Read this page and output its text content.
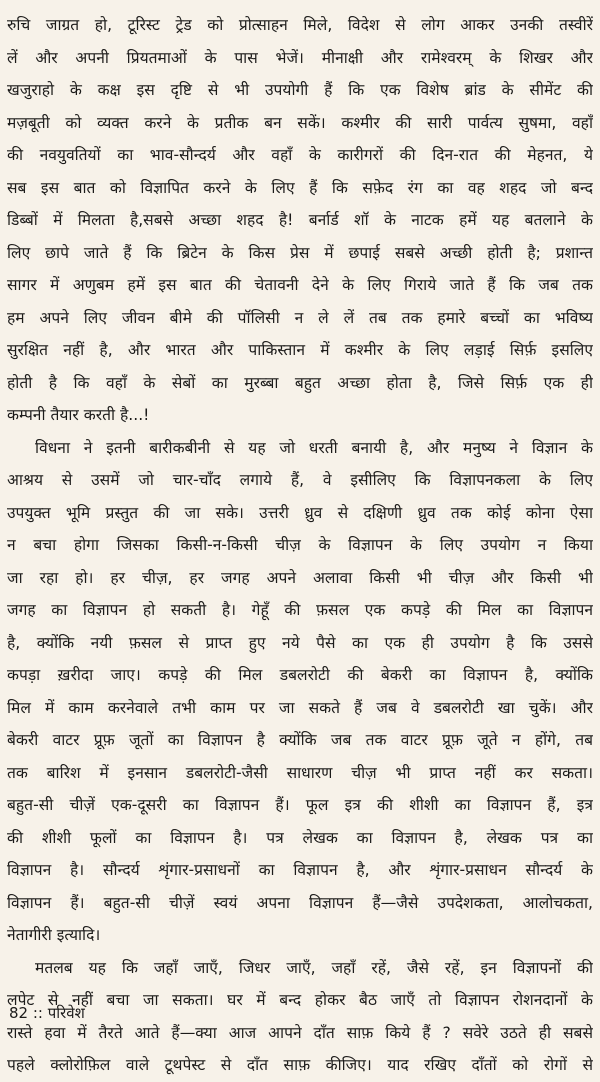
रुचि जाग्रत हो, टूरिस्ट ट्रेड को प्रोत्साहन मिले, विदेश से लोग आकर उनकी तस्वीरें
लें और अपनी प्रियतमाओं के पास भेजें। मीनाक्षी और रामेश्वरम् के शिखर और
खजुराहो के कक्ष इस दृष्टि से भी उपयोगी हैं कि एक विशेष ब्रांड के सीमेंट की
मज़बूती को व्यक्त करने के प्रतीक बन सकें। कश्मीर की सारी पार्वत्य सुषमा, वहाँ
की नवयुवतियों का भाव-सौन्दर्य और वहाँ के कारीगरों की दिन-रात की मेहनत, ये
सब इस बात को विज्ञापित करने के लिए हैं कि सफ़ेद रंग का वह शहद जो बन्द
डिब्बों में मिलता है,सबसे अच्छा शहद है! बर्नार्ड शॉ के नाटक हमें यह बतलाने के
लिए छापे जाते हैं कि ब्रिटेन के किस प्रेस में छपाई सबसे अच्छी होती है; प्रशान्त
सागर में अणुबम हमें इस बात की चेतावनी देने के लिए गिराये जाते हैं कि जब तक
हम अपने लिए जीवन बीमे की पॉलिसी न ले लें तब तक हमारे बच्चों का भविष्य
सुरक्षित नहीं है, और भारत और पाकिस्तान में कश्मीर के लिए लड़ाई सिर्फ़ इसलिए
होती है कि वहाँ के सेबों का मुरब्बा बहुत अच्छा होता है, जिसे सिर्फ़ एक ही
कम्पनी तैयार करती है...!
विधना ने इतनी बारीकबीनी से यह जो धरती बनायी है, और मनुष्य ने विज्ञान के
आश्रय से उसमें जो चार-चाँद लगाये हैं, वे इसीलिए कि विज्ञापनकला के लिए
उपयुक्त भूमि प्रस्तुत की जा सके। उत्तरी ध्रुव से दक्षिणी ध्रुव तक कोई कोना ऐसा
न बचा होगा जिसका किसी-न-किसी चीज़ के विज्ञापन के लिए उपयोग न किया
जा रहा हो। हर चीज़, हर जगह अपने अलावा किसी भी चीज़ और किसी भी
जगह का विज्ञापन हो सकती है। गेहूँ की फ़सल एक कपड़े की मिल का विज्ञापन
है, क्योंकि नयी फ़सल से प्राप्त हुए नये पैसे का एक ही उपयोग है कि उससे
कपड़ा ख़रीदा जाए। कपड़े की मिल डबलरोटी की बेकरी का विज्ञापन है, क्योंकि
मिल में काम करनेवाले तभी काम पर जा सकते हैं जब वे डबलरोटी खा चुकें। और
बेकरी वाटर प्रूफ़ जूतों का विज्ञापन है क्योंकि जब तक वाटर प्रूफ़ जूते न होंगे, तब
तक बारिश में इनसान डबलरोटी-जैसी साधारण चीज़ भी प्राप्त नहीं कर सकता।
बहुत-सी चीज़ें एक-दूसरी का विज्ञापन हैं। फूल इत्र की शीशी का विज्ञापन हैं, इत्र
की शीशी फूलों का विज्ञापन है। पत्र लेखक का विज्ञापन है, लेखक पत्र का
विज्ञापन है। सौन्दर्य शृंगार-प्रसाधनों का विज्ञापन है, और शृंगार-प्रसाधन सौन्दर्य के
विज्ञापन हैं। बहुत-सी चीज़ें स्वयं अपना विज्ञापन हैं—जैसे उपदेशकता, आलोचकता,
नेतागीरी इत्यादि।
मतलब यह कि जहाँ जाएँ, जिधर जाएँ, जहाँ रहें, जैसे रहें, इन विज्ञापनों की
लपेट से नहीं बचा जा सकता। घर में बन्द होकर बैठ जाएँ तो विज्ञापन रोशनदानों के
रास्ते हवा में तैरते आते हैं—क्या आज आपने दाँत साफ़ किये हैं ? सवेरे उठते ही सबसे
पहले क्लोरोफ़िल वाले टूथपेस्ट से दाँत साफ़ कीजिए। याद रखिए दाँतों को रोगों से
82 :: परिवेश
